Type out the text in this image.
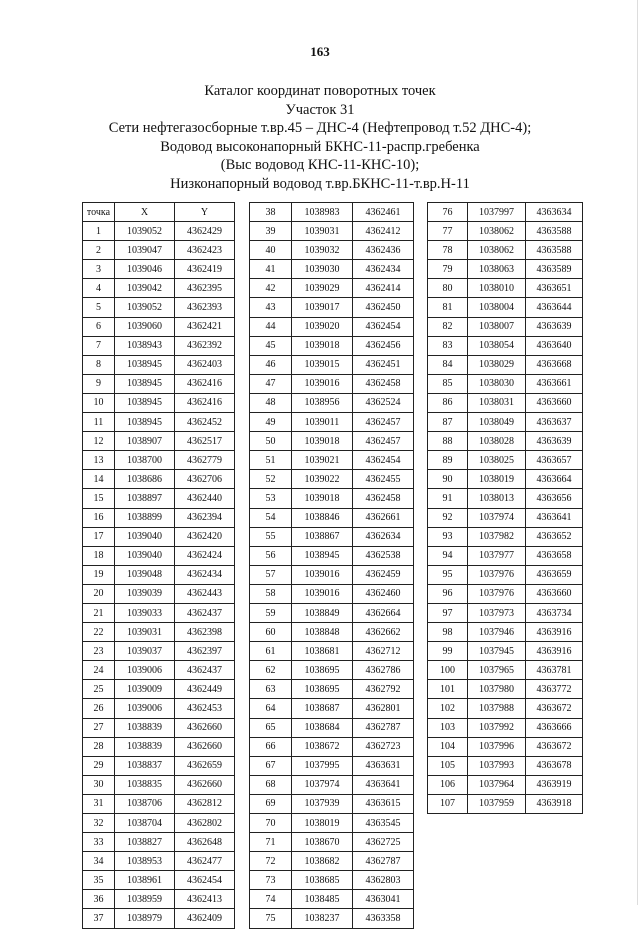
163
Каталог координат поворотных точек
Участок 31
Сети нефтегазосборные т.вр.45 – ДНС-4 (Нефтепровод т.52 ДНС-4);
Водовод высоконапорный БКНС-11-распр.гребенка
(Выс водовод КНС-11-КНС-10);
Низконапорный водовод т.вр.БКНС-11-т.вр.Н-11
точка	X	Y
1	1039052	4362429
2	1039047	4362423
3	1039046	4362419
4	1039042	4362395
5	1039052	4362393
6	1039060	4362421
7	1038943	4362392
8	1038945	4362403
9	1038945	4362416
10	1038945	4362416
11	1038945	4362452
12	1038907	4362517
13	1038700	4362779
14	1038686	4362706
15	1038897	4362440
16	1038899	4362394
17	1039040	4362420
18	1039040	4362424
19	1039048	4362434
20	1039039	4362443
21	1039033	4362437
22	1039031	4362398
23	1039037	4362397
24	1039006	4362437
25	1039009	4362449
26	1039006	4362453
27	1038839	4362660
28	1038839	4362660
29	1038837	4362659
30	1038835	4362660
31	1038706	4362812
32	1038704	4362802
33	1038827	4362648
34	1038953	4362477
35	1038961	4362454
36	1038959	4362413
37	1038979	4362409
38	1038983	4362461
39	1039031	4362412
40	1039032	4362436
41	1039030	4362434
42	1039029	4362414
43	1039017	4362450
44	1039020	4362454
45	1039018	4362456
46	1039015	4362451
47	1039016	4362458
48	1038956	4362524
49	1039011	4362457
50	1039018	4362457
51	1039021	4362454
52	1039022	4362455
53	1039018	4362458
54	1038846	4362661
55	1038867	4362634
56	1038945	4362538
57	1039016	4362459
58	1039016	4362460
59	1038849	4362664
60	1038848	4362662
61	1038681	4362712
62	1038695	4362786
63	1038695	4362792
64	1038687	4362801
65	1038684	4362787
66	1038672	4362723
67	1037995	4363631
68	1037974	4363641
69	1037939	4363615
70	1038019	4363545
71	1038670	4362725
72	1038682	4362787
73	1038685	4362803
74	1038485	4363041
75	1038237	4363358
76	1037997	4363634
77	1038062	4363588
78	1038062	4363588
79	1038063	4363589
80	1038010	4363651
81	1038004	4363644
82	1038007	4363639
83	1038054	4363640
84	1038029	4363668
85	1038030	4363661
86	1038031	4363660
87	1038049	4363637
88	1038028	4363639
89	1038025	4363657
90	1038019	4363664
91	1038013	4363656
92	1037974	4363641
93	1037982	4363652
94	1037977	4363658
95	1037976	4363659
96	1037976	4363660
97	1037973	4363734
98	1037946	4363916
99	1037945	4363916
100	1037965	4363781
101	1037980	4363772
102	1037988	4363672
103	1037992	4363666
104	1037996	4363672
105	1037993	4363678
106	1037964	4363919
107	1037959	4363918
